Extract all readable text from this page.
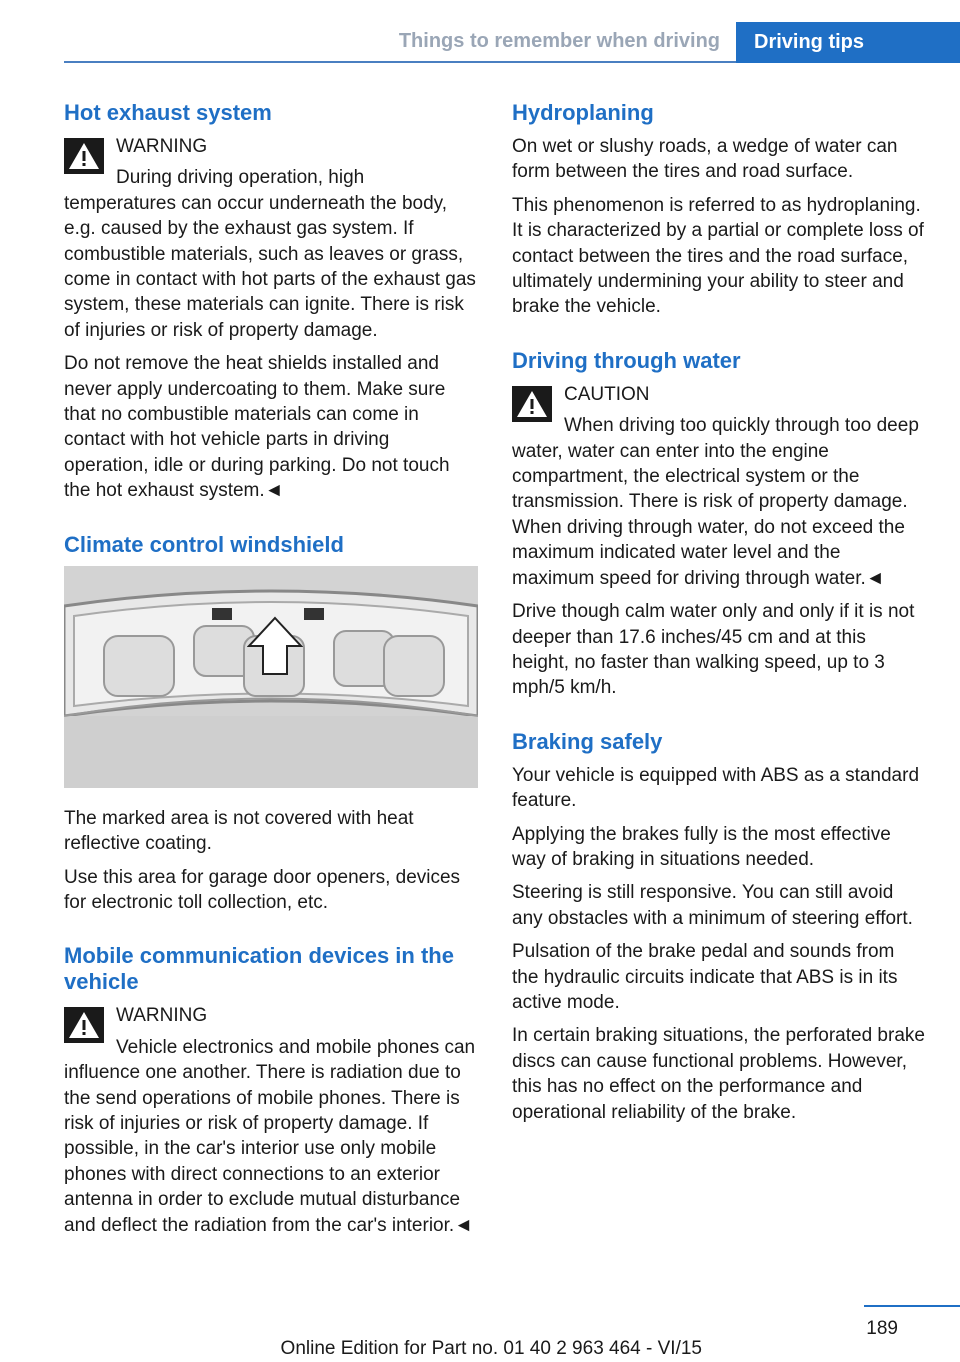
Things to remember when driving	Driving tips
Hot exhaust system
WARNING

During driving operation, high temperatures can occur underneath the body, e.g. caused by the exhaust gas system. If combustible materials, such as leaves or grass, come in contact with hot parts of the exhaust gas system, these materials can ignite. There is risk of injuries or risk of property damage.

Do not remove the heat shields installed and never apply undercoating to them. Make sure that no combustible materials can come in contact with hot vehicle parts in driving operation, idle or during parking. Do not touch the hot exhaust system.◄

Climate control windshield

The marked area is not covered with heat reflective coating.

Use this area for garage door openers, devices for electronic toll collection, etc.

Mobile communication devices in the vehicle
WARNING

Vehicle electronics and mobile phones can influence one another. There is radiation due to the send operations of mobile phones. There is risk of injuries or risk of property damage. If possible, in the car's interior use only mobile phones with direct connections to an exterior antenna in order to exclude mutual disturbance and deflect the radiation from the car's interior.◄

Hydroplaning

On wet or slushy roads, a wedge of water can form between the tires and road surface.

This phenomenon is referred to as hydroplaning. It is characterized by a partial or complete loss of contact between the tires and the road surface, ultimately undermining your ability to steer and brake the vehicle.

Driving through water
CAUTION

When driving too quickly through too deep water, water can enter into the engine compartment, the electrical system or the transmission. There is risk of property damage. When driving through water, do not exceed the maximum indicated water level and the maximum speed for driving through water.◄

Drive though calm water only and only if it is not deeper than 17.6 inches/45 cm and at this height, no faster than walking speed, up to 3 mph/5 km/h.

Braking safely

Your vehicle is equipped with ABS as a standard feature.

Applying the brakes fully is the most effective way of braking in situations needed.

Steering is still responsive. You can still avoid any obstacles with a minimum of steering effort.

Pulsation of the brake pedal and sounds from the hydraulic circuits indicate that ABS is in its active mode.

In certain braking situations, the perforated brake discs can cause functional problems. However, this has no effect on the performance and operational reliability of the brake.

189
Online Edition for Part no. 01 40 2 963 464 - VI/15
